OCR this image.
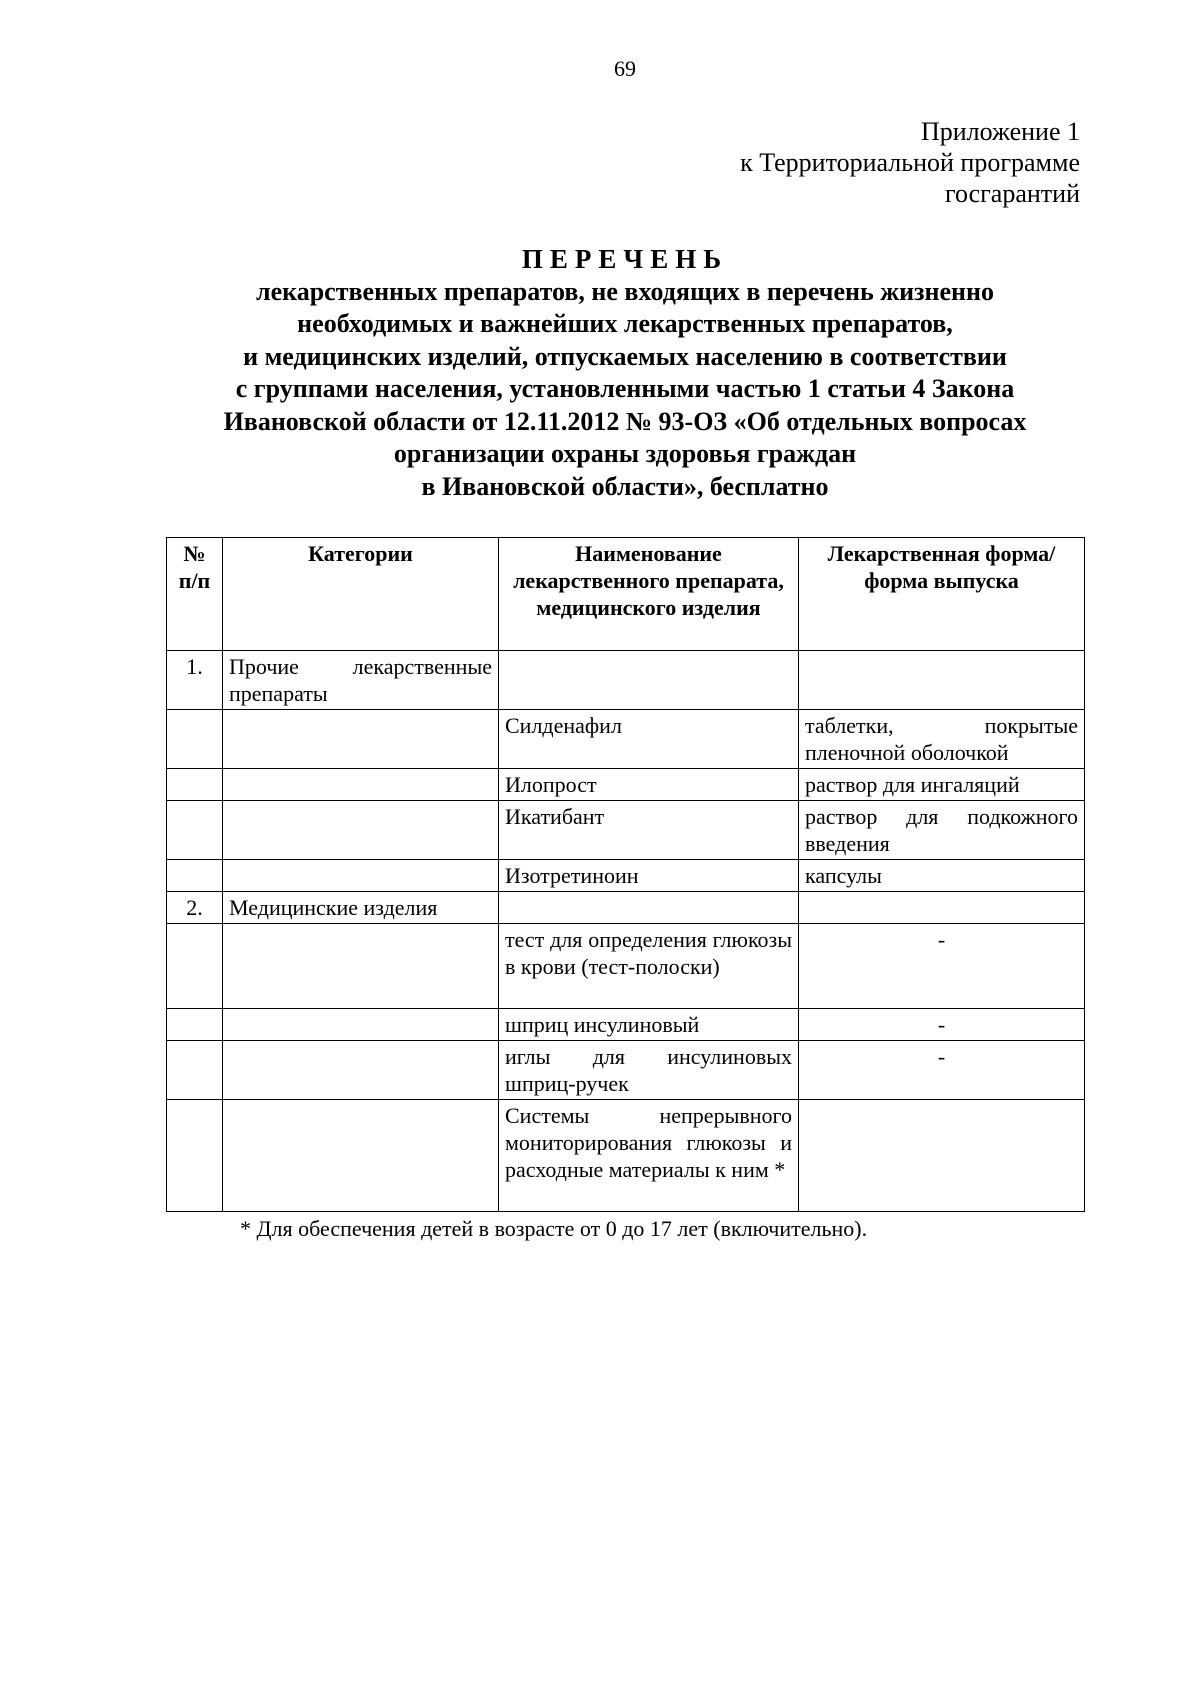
69
Приложение 1
к Территориальной программе
госгарантий
ПЕРЕЧЕНЬ
лекарственных препаратов, не входящих в перечень жизненно
необходимых и важнейших лекарственных препаратов,
и медицинских изделий, отпускаемых населению в соответствии
с группами населения, установленными частью 1 статьи 4 Закона
Ивановской области от 12.11.2012 № 93-ОЗ «Об отдельных вопросах
организации охраны здоровья граждан
в Ивановской области», бесплатно
№ п/п	Категории	Наименование лекарственного препарата, медицинского изделия	Лекарственная форма/форма выпуска
1.	Прочие лекарственные препараты		
		Силденафил	таблетки, покрытые пленочной оболочкой
		Илопрост	раствор для ингаляций
		Икатибант	раствор для подкожного введения
		Изотретиноин	капсулы
2.	Медицинские изделия		
		тест для определения глюкозы в крови (тест-полоски)	-
		шприц инсулиновый	-
		иглы для инсулиновых шприц-ручек	-
		Системы непрерывного мониторирования глюкозы и расходные материалы к ним *	
* Для обеспечения детей в возрасте от 0 до 17 лет (включительно).
